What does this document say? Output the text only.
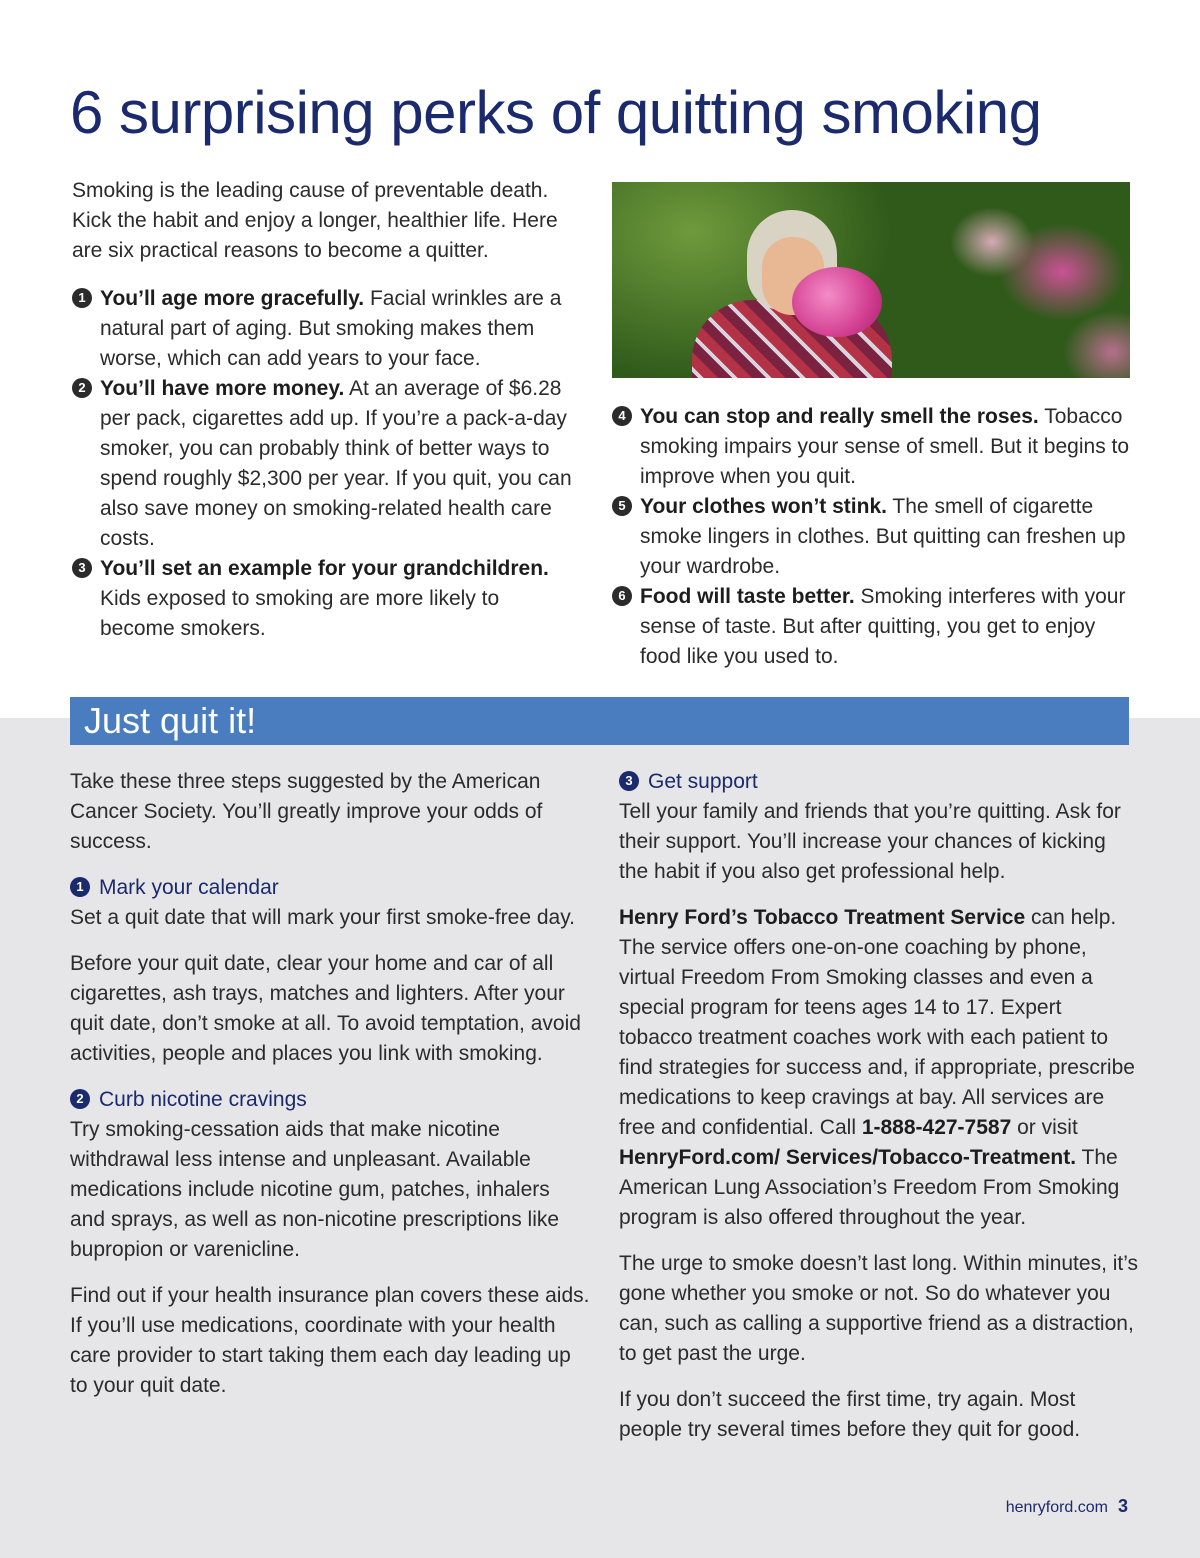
6 surprising perks of quitting smoking

Smoking is the leading cause of preventable death. Kick the habit and enjoy a longer, healthier life. Here are six practical reasons to become a quitter.

1 You’ll age more gracefully. Facial wrinkles are a natural part of aging. But smoking makes them worse, which can add years to your face.
2 You’ll have more money. At an average of $6.28 per pack, cigarettes add up. If you’re a pack-a-day smoker, you can probably think of better ways to spend roughly $2,300 per year. If you quit, you can also save money on smoking-related health care costs.
3 You’ll set an example for your grandchildren. Kids exposed to smoking are more likely to become smokers.
4 You can stop and really smell the roses. Tobacco smoking impairs your sense of smell. But it begins to improve when you quit.
5 Your clothes won’t stink. The smell of cigarette smoke lingers in clothes. But quitting can freshen up your wardrobe.
6 Food will taste better. Smoking interferes with your sense of taste. But after quitting, you get to enjoy food like you used to.
Just quit it!

Take these three steps suggested by the American Cancer Society. You’ll greatly improve your odds of success.

1 Mark your calendar

Set a quit date that will mark your first smoke-free day.

Before your quit date, clear your home and car of all cigarettes, ash trays, matches and lighters. After your quit date, don’t smoke at all. To avoid temptation, avoid activities, people and places you link with smoking.

2 Curb nicotine cravings

Try smoking-cessation aids that make nicotine withdrawal less intense and unpleasant. Available medications include nicotine gum, patches, inhalers and sprays, as well as non-nicotine prescriptions like bupropion or varenicline.

Find out if your health insurance plan covers these aids. If you’ll use medications, coordinate with your health care provider to start taking them each day leading up to your quit date.

3 Get support

Tell your family and friends that you’re quitting. Ask for their support. You’ll increase your chances of kicking the habit if you also get professional help.

Henry Ford’s Tobacco Treatment Service can help. The service offers one-on-one coaching by phone, virtual Freedom From Smoking classes and even a special program for teens ages 14 to 17. Expert tobacco treatment coaches work with each patient to find strategies for success and, if appropriate, prescribe medications to keep cravings at bay. All services are free and confidential. Call 1-888-427-7587 or visit HenryFord.com/ Services/Tobacco-Treatment. The American Lung Association’s Freedom From Smoking program is also offered throughout the year.

The urge to smoke doesn’t last long. Within minutes, it’s gone whether you smoke or not. So do whatever you can, such as calling a supportive friend as a distraction, to get past the urge.

If you don’t succeed the first time, try again. Most people try several times before they quit for good.

henryford.com 3
